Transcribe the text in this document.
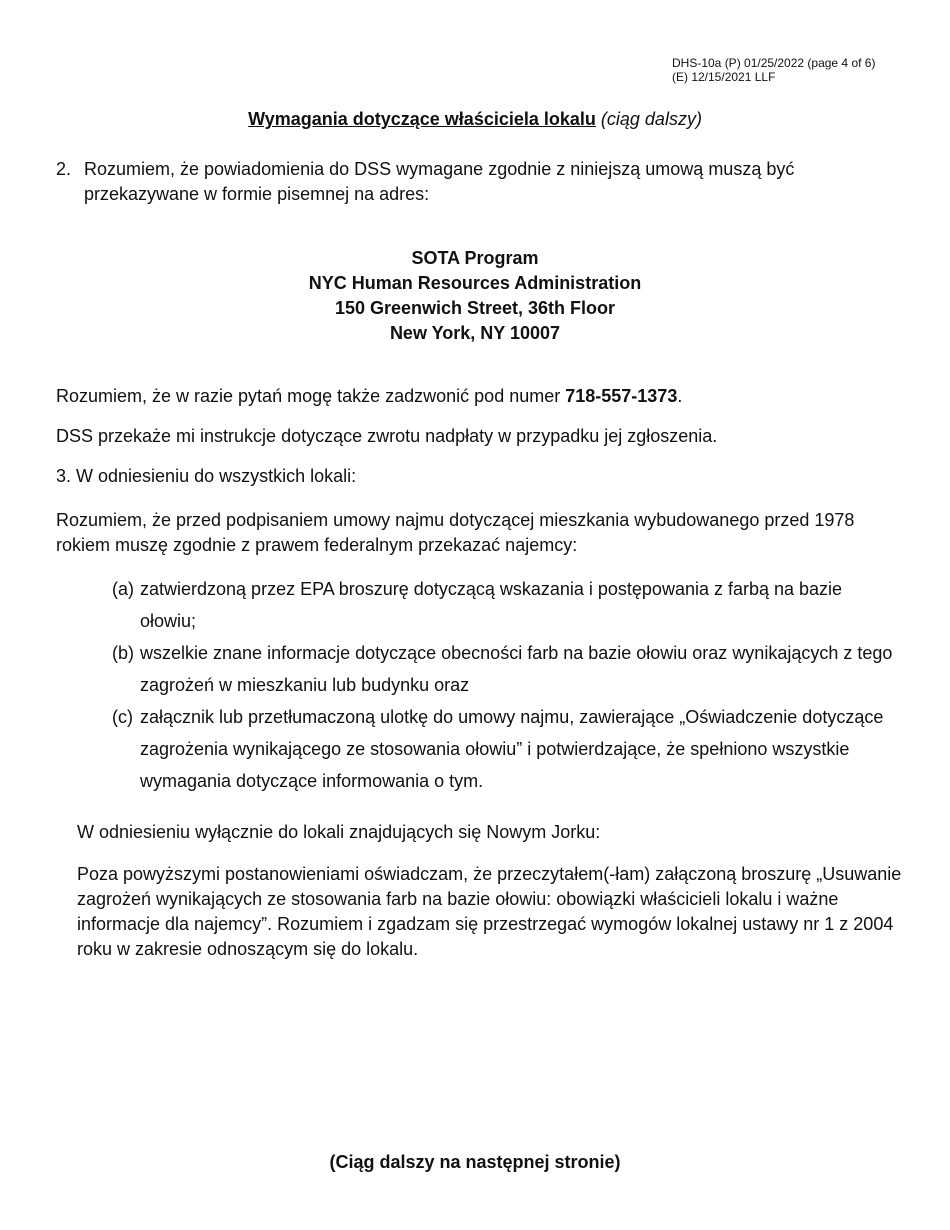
DHS-10a (P) 01/25/2022 (page 4 of 6)
(E) 12/15/2021 LLF
Wymagania dotyczące właściciela lokalu (ciąg dalszy)
2. Rozumiem, że powiadomienia do DSS wymagane zgodnie z niniejszą umową muszą być przekazywane w formie pisemnej na adres:
SOTA Program
NYC Human Resources Administration
150 Greenwich Street, 36th Floor
New York, NY 10007

Rozumiem, że w razie pytań mogę także zadzwonić pod numer 718-557-1373.

DSS przekaże mi instrukcje dotyczące zwrotu nadpłaty w przypadku jej zgłoszenia.

3. W odniesieniu do wszystkich lokali:

Rozumiem, że przed podpisaniem umowy najmu dotyczącej mieszkania wybudowanego przed 1978 rokiem muszę zgodnie z prawem federalnym przekazać najemcy:

(a) zatwierdzoną przez EPA broszurę dotyczącą wskazania i postępowania z farbą na bazie ołowiu;
(b) wszelkie znane informacje dotyczące obecności farb na bazie ołowiu oraz wynikających z tego zagrożeń w mieszkaniu lub budynku oraz
(c) załącznik lub przetłumaczoną ulotkę do umowy najmu, zawierające „Oświadczenie dotyczące zagrożenia wynikającego ze stosowania ołowiu” i potwierdzające, że spełniono wszystkie wymagania dotyczące informowania o tym.

W odniesieniu wyłącznie do lokali znajdujących się Nowym Jorku:

Poza powyższymi postanowieniami oświadczam, że przeczytałem(-łam) załączoną broszurę „Usuwanie zagrożeń wynikających ze stosowania farb na bazie ołowiu: obowiązki właścicieli lokalu i ważne informacje dla najemcy”. Rozumiem i zgadzam się przestrzegać wymogów lokalnej ustawy nr 1 z 2004 roku w zakresie odnoszącym się do lokalu.

(Ciąg dalszy na następnej stronie)
